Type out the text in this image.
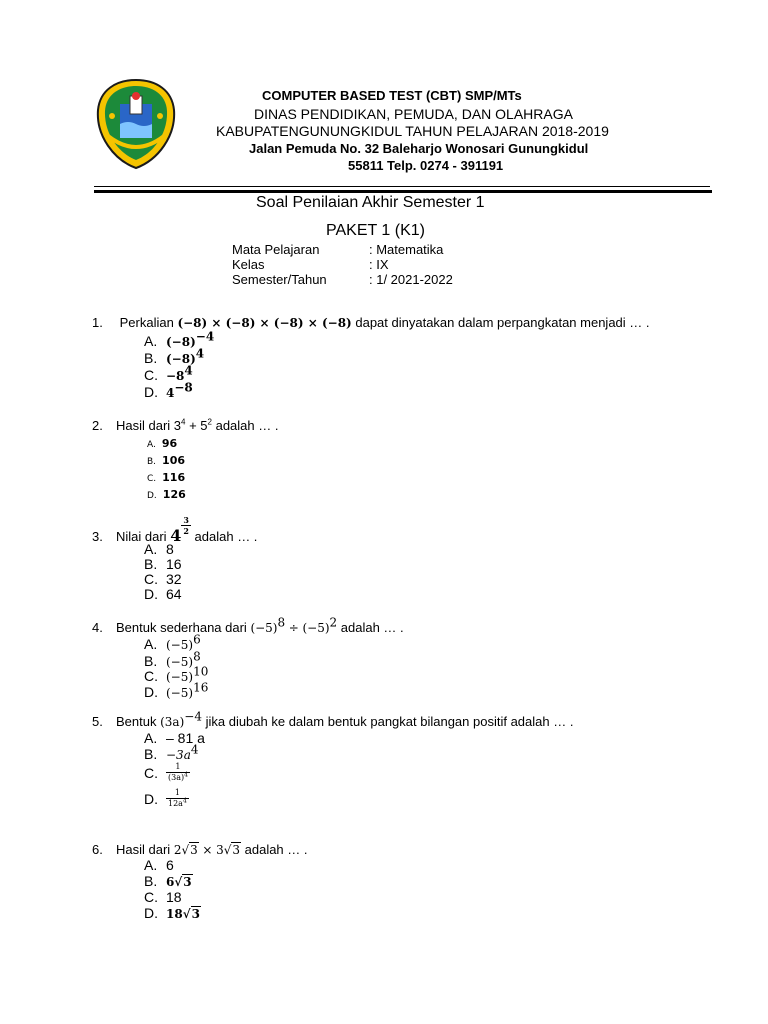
COMPUTER BASED TEST (CBT) SMP/MTs
DINAS PENDIDIKAN, PEMUDA, DAN OLAHRAGA
KABUPATENGUNUNGKIDUL TAHUN PELAJARAN 2018-2019
Jalan Pemuda No. 32 Baleharjo Wonosari Gunungkidul
55811 Telp. 0274 - 391191
Soal Penilaian Akhir Semester 1
PAKET 1 (K1)
Mata Pelajaran	: Matematika
Kelas	: IX
Semester/Tahun	: 1/ 2021-2022
1. Perkalian (−8) × (−8) × (−8) × (−8) dapat dinyatakan dalam perpangkatan menjadi … .
A. $(-8)^{-4}$
B. $(-8)^4$
C. $-8^4$
D. $4^{-8}$
2. Hasil dari $3^4 + 5^2$ adalah … .
A. 96
B. 106
C. 116
D. 126
3. Nilai dari $4 \frac{3}{2}$
adalah … .
A. 8
B. 16
C. 32
D. 64
4. Bentuk sederhana dari $(-5)^8 \div (-5)^2$ adalah … .
A. $(-5)^6$
B. $(-5)^8$
C. $(-5)^{10}$
D. $(-5)^{16}$
5. Bentuk $(3a)^{-4}$ jika diubah ke dalam bentuk pangkat bilangan positif adalah … .
A. – 81 a
B. $-3a^4$
C. $\frac{1}{(3a)^4}$
D. $\frac{1}{12a^4}$
6. Hasil dari 2√3 × 3√3 adalah … .
A. 6
B. 6√3
C. 18
D. 18√3
